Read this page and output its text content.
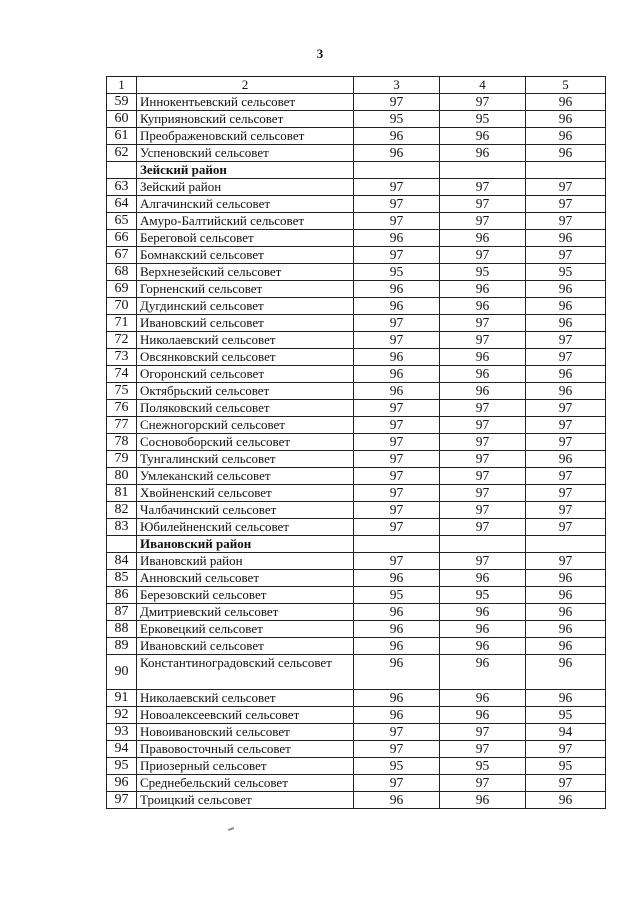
3
1	2	3	4	5
59	Иннокентьевский сельсовет	97	97	96
60	Куприяновский сельсовет	95	95	96
61	Преображеновский сельсовет	96	96	96
62	Успеновский сельсовет	96	96	96
	Зейский район			
63	Зейский район	97	97	97
64	Алгачинский сельсовет	97	97	97
65	Амуро-Балтийский сельсовет	97	97	97
66	Береговой сельсовет	96	96	96
67	Бомнакский сельсовет	97	97	97
68	Верхнезейский сельсовет	95	95	95
69	Горненский сельсовет	96	96	96
70	Дугдинский сельсовет	96	96	96
71	Ивановский сельсовет	97	97	96
72	Николаевский сельсовет	97	97	97
73	Овсянковский сельсовет	96	96	97
74	Огоронский сельсовет	96	96	96
75	Октябрьский сельсовет	96	96	96
76	Поляковский сельсовет	97	97	97
77	Снежногорский сельсовет	97	97	97
78	Сосновоборский сельсовет	97	97	97
79	Тунгалинский сельсовет	97	97	96
80	Умлеканский сельсовет	97	97	97
81	Хвойненский сельсовет	97	97	97
82	Чалбачинский сельсовет	97	97	97
83	Юбилейненский сельсовет	97	97	97
	Ивановский район			
84	Ивановский район	97	97	97
85	Анновский сельсовет	96	96	96
86	Березовский сельсовет	95	95	96
87	Дмитриевский сельсовет	96	96	96
88	Ерковецкий сельсовет	96	96	96
89	Ивановский сельсовет	96	96	96
90	Константиноградовский сельсовет	96	96	96
91	Николаевский сельсовет	96	96	96
92	Новоалексеевский сельсовет	96	96	95
93	Новоивановский сельсовет	97	97	94
94	Правовосточный сельсовет	97	97	97
95	Приозерный сельсовет	95	95	95
96	Среднебельский сельсовет	97	97	97
97	Троицкий сельсовет	96	96	96
